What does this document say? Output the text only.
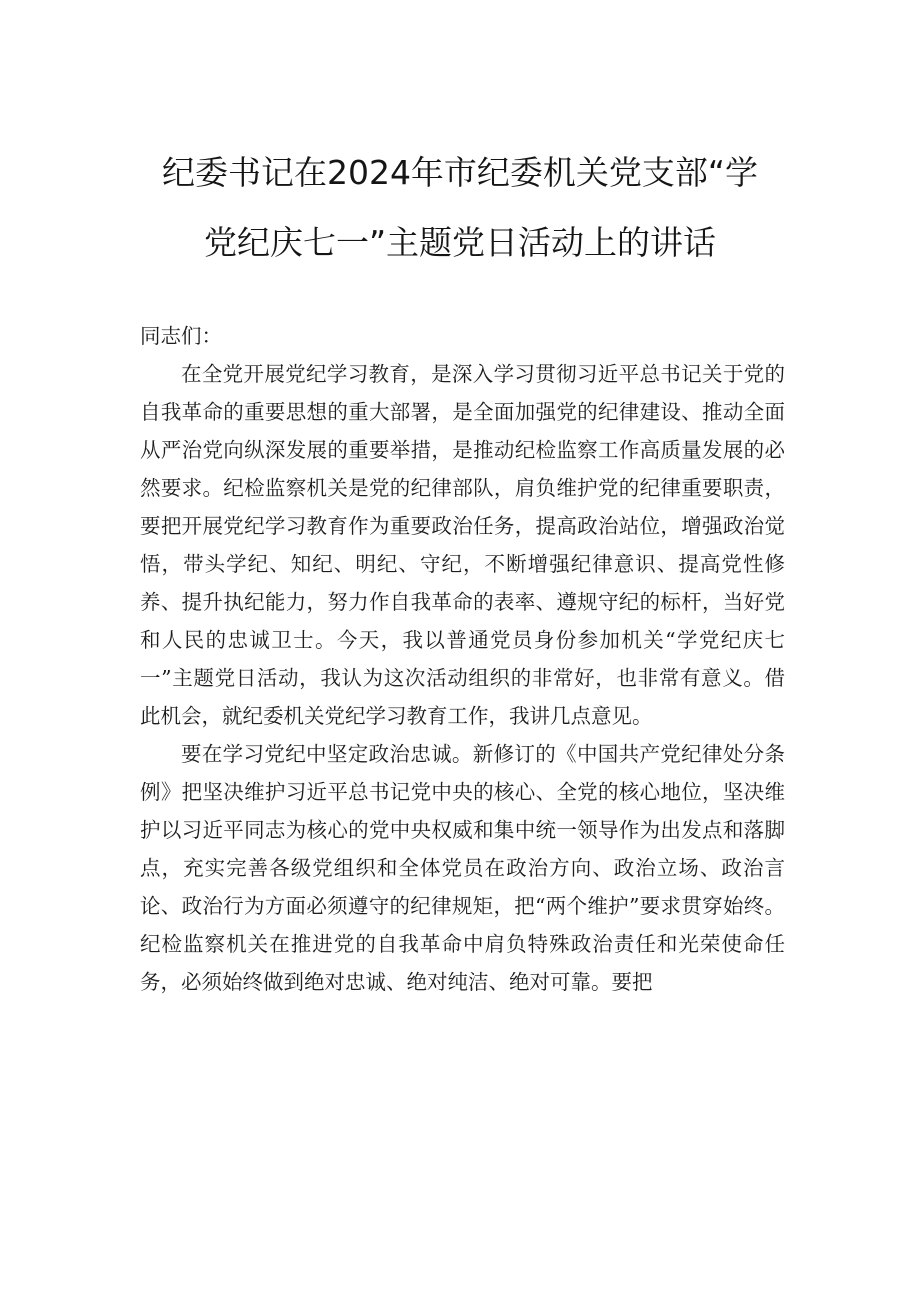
纪委书记在2024年市纪委机关党支部“学
党纪庆七一”主题党日活动上的讲话

同志们：

在全党开展党纪学习教育，是深入学习贯彻习近平总书记关于党的自我革命的重要思想的重大部署，是全面加强党的纪律建设、推动全面从严治党向纵深发展的重要举措，是推动纪检监察工作高质量发展的必然要求。纪检监察机关是党的纪律部队，肩负维护党的纪律重要职责，要把开展党纪学习教育作为重要政治任务，提高政治站位，增强政治觉悟，带头学纪、知纪、明纪、守纪，不断增强纪律意识、提高党性修养、提升执纪能力，努力作自我革命的表率、遵规守纪的标杆，当好党和人民的忠诚卫士。今天，我以普通党员身份参加机关“学党纪庆七一”主题党日活动，我认为这次活动组织的非常好，也非常有意义。借此机会，就纪委机关党纪学习教育工作，我讲几点意见。

要在学习党纪中坚定政治忠诚。新修订的《中国共产党纪律处分条例》把坚决维护习近平总书记党中央的核心、全党的核心地位，坚决维护以习近平同志为核心的党中央权威和集中统一领导作为出发点和落脚点，充实完善各级党组织和全体党员在政治方向、政治立场、政治言论、政治行为方面必须遵守的纪律规矩，把“两个维护”要求贯穿始终。纪检监察机关在推进党的自我革命中肩负特殊政治责任和光荣使命任务，必须始终做到绝对忠诚、绝对纯洁、绝对可靠。要把
